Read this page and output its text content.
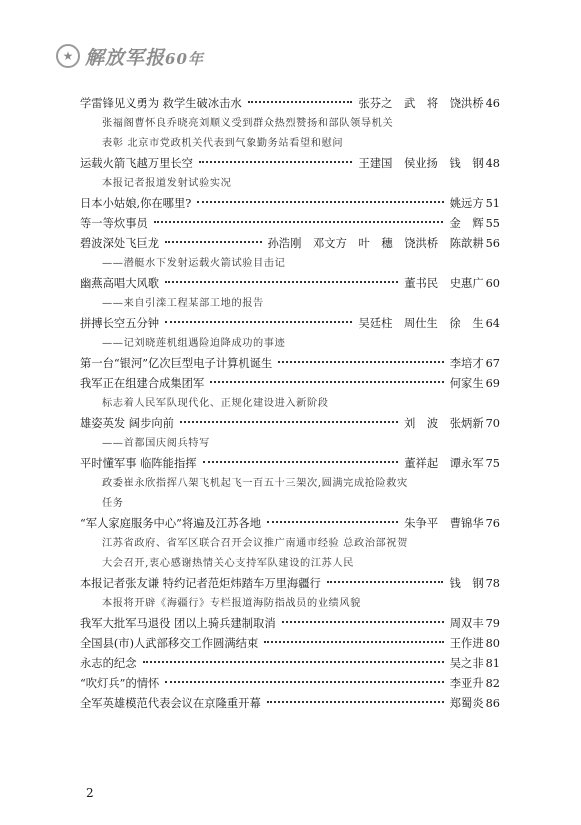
★ 解放军报60年
学雷锋见义勇为 救学生破冰击水	张芬之 武 将 饶洪桥 46
张福阁曹怀良乔晓亮刘顺义受到群众热烈赞扬和部队领导机关
表彰 北京市党政机关代表到气象勤务站看望和慰问
运载火箭飞越万里长空	王建国 侯业扬 钱 钢 48
本报记者报道发射试验实况
日本小姑娘,你在哪里?	姚远方 51
等一等炊事员	金 辉 55
碧波深处飞巨龙	孙浩刚 邓文方 叶 穗 饶洪桥 陈歆耕 56
——潜艇水下发射运载火箭试验目击记
幽燕高唱大风歌	董书民 史惠广 60
——来自引滦工程某部工地的报告
拼搏长空五分钟	吴廷柱 周仕生 徐 生 64
——记刘晓莲机组遇险迫降成功的事迹
第一台“银河”亿次巨型电子计算机诞生	李培才 67
我军正在组建合成集团军	何家生 69
标志着人民军队现代化、正规化建设进入新阶段
雄姿英发 阔步向前	刘 波 张炳新 70
——首都国庆阅兵特写
平时懂军事 临阵能指挥	董祥起 谭永军 75
政委崔永欣指挥八架飞机起飞一百五十三架次,圆满完成抢险救灾
任务
“军人家庭服务中心”将遍及江苏各地	朱争平 曹锦华 76
江苏省政府、省军区联合召开会议推广南通市经验 总政治部祝贺
大会召开,衷心感谢热情关心支持军队建设的江苏人民
本报记者张友谦 特约记者范炬炜踏车万里海疆行	钱 钢 78
本报将开辟《海疆行》专栏报道海防指战员的业绩风貌
我军大批军马退役 团以上骑兵建制取消	周双丰 79
全国县(市)人武部移交工作圆满结束	王作进 80
永志的纪念	吴之非 81
“吹灯兵”的情怀	李亚升 82
全军英雄模范代表会议在京隆重开幕	郑蜀炎 86
2
